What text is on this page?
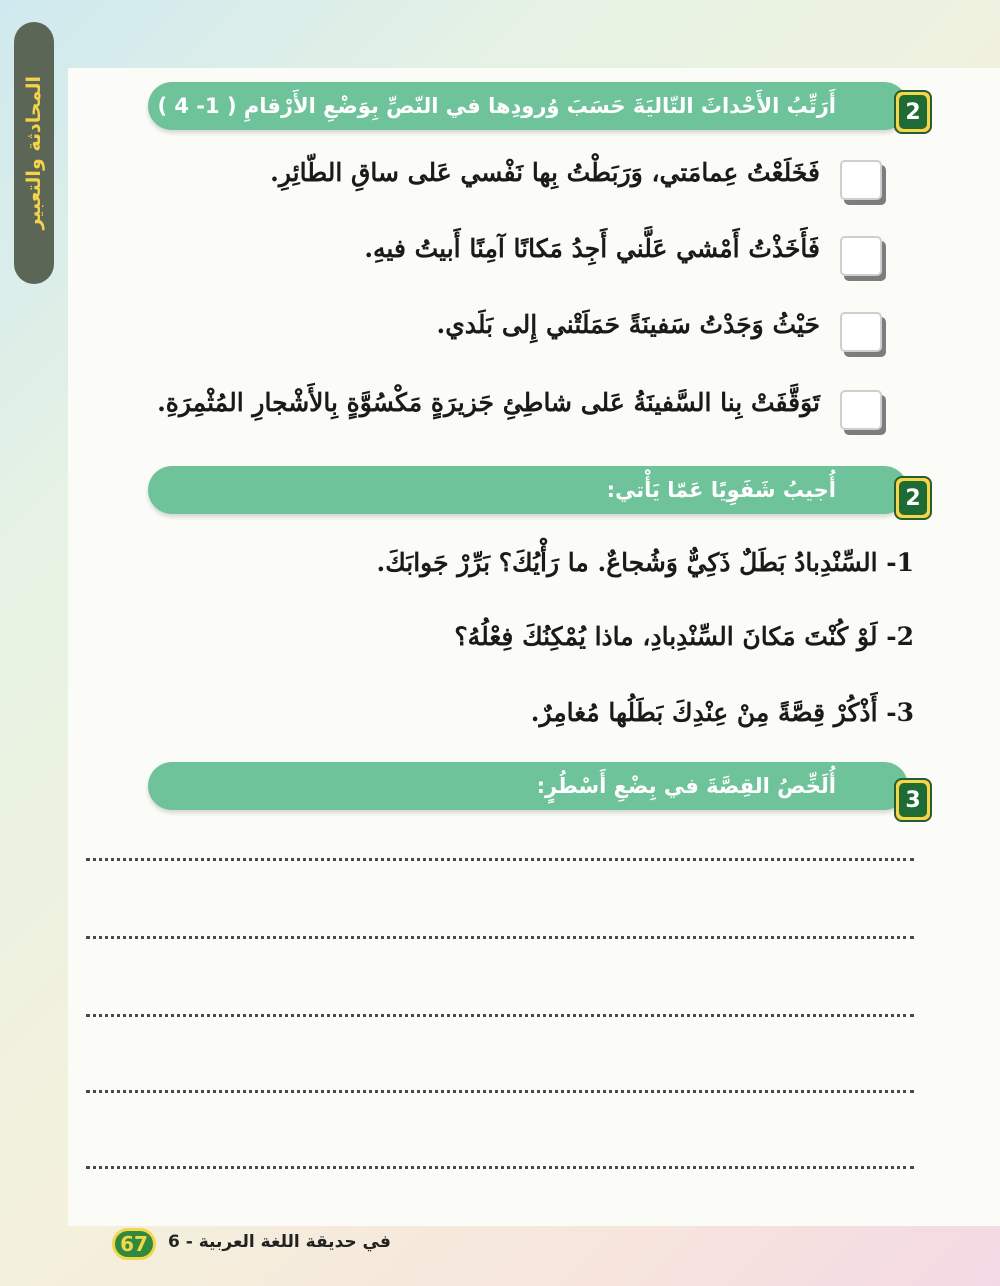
المحادثة والتعبير	أَرَتِّبُ الأَحْداثَ التّاليَةَ حَسَبَ وُرودِها في النّصِّ بِوَضْعِ الأَرْقامِ ( 1- 4 )	2
فَخَلَعْتُ عِمامَتي، وَرَبَطْتُ بِها نَفْسي عَلى ساقِ الطّائِرِ.
فَأَخَذْتُ أَمْشي عَلَّني أَجِدُ مَكانًا آمِنًا أَبيتُ فيهِ.
حَيْثُ وَجَدْتُ سَفينَةً حَمَلَتْني إِلى بَلَدي.
تَوَقَّفَتْ بِنا السَّفينَةُ عَلى شاطِئِ جَزيرَةٍ مَكْسُوَّةٍ بِالأَشْجارِ المُثْمِرَةِ.
أُجيبُ شَفَوِيًا عَمّا يَأْتي:	2
1- السِّنْدِبادُ بَطَلٌ ذَكِيٌّ وَشُجاعٌ. ما رَأْيُكَ؟ بَرِّرْ جَوابَكَ.
2- لَوْ كُنْتَ مَكانَ السِّنْدِبادِ، ماذا يُمْكِنُكَ فِعْلُهُ؟
3- أَذْكُرْ قِصَّةً مِنْ عِنْدِكَ بَطَلُها مُغامِرٌ.
أُلَخِّصُ القِصَّةَ في بِضْعِ أَسْطُرٍ:
3
67 في حديقة اللغة العربية - 6
